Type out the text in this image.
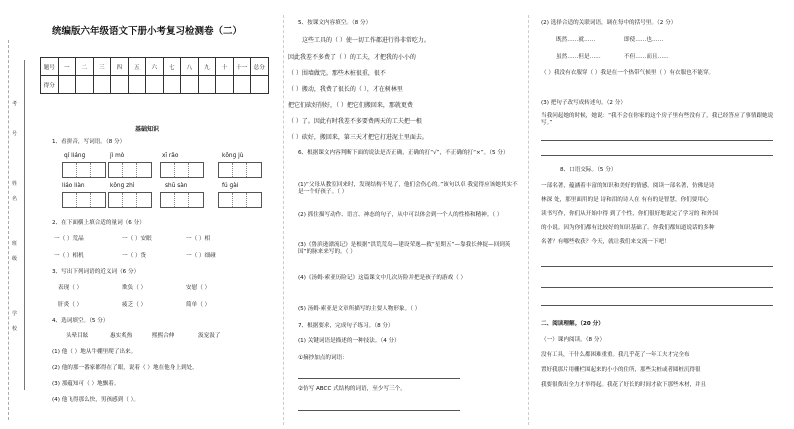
考
号
姓
名
班
级
学
校
统编版六年级语文下册小考复习检测卷（二）
题号	一	二	三	四	五	六	七	八	九	十	十一	总分
得分												
基础知识
1、看拼音，写词语。（8 分）
qí liánɡ	jì mò	xī rǎo	kōnɡ jù
liáo liàn	kōnɡ zhì	shū sàn	fú ɡài
2、在下面横上填合适的量词（6 分）
一（ ）荒晶	一（ ）安眠	一（ ）相
一（ ）相机	一（ ）货	一（ ）细碰
3、写出下列词语的近义词（6 分）
表现（ ）	欺负（ ）	安慰（ ）
肝炎（ ）	疲乏（ ）	简单（ ）
4、选词填空。（5 分）
头晕目眩	惠实炙热	熙熙合伸	汲宠汲了
(1) 他（ ）地从牛棚里爬了出来。
(2) 他的那一番家都得在了眼，说着（ ）地在他身上到处。
(3) 那蕴知可（ ）地飘着。
(4) 他飞得那么快，男孩感到（ ）。
5、按课文内容填空。（8 分）
这些工具的（ ）使一切工作都进行得非常吃力。
因此我差不多费了（ ）的工夫，才把我的小小的
（ ）围墙做完。那些木桩很重，很不
（ ）搬动，我费了很长的（ ），才在树林里
把它们砍好削好，（ ）把它们搬回来，那就更费
（ ）了。因此有时我差不多要费两天的工夫把一根
（ ）砍好，搬回来，第三天才把它打进泥土里面去。
6、根据课文内容判断下面的说法是否正确，正确的打“√”，不正确的打“×”。（5 分）
(1)“父母从教室回来时，发现结构不见了，他们会伤心的。”该句以卓 我觉得应该她其实不是一个好孩子。（ ）
(2) 抓住描写动作、语言、神态的句子，从中可以体会到一个人的性格和精神。（ ）
(3)《鲁滨逊漂流记》是根据“洪荒荒岛—建设荣逸—救“星期五”—靠我长伸捉—回到英国”的脉来来写的。（ ）
(4)《汤姆·索亚历险记》这篇课文中几次历险并把是孩子的游戏（ ）
(5) 汤姆·索亚是文章所描写的主要人物形象。（ ）
7、根据要求，完成句子练习。（8 分）
(1) 关键词语是描述的一种技法。（4 分）
①摘抄加点的词语：
②仿写 ABCC 式结构的词语，至少写三个。
(2) 选择合适的关联词语，调在每中的括号里。（2 分）
既然……就……	即使……也……
虽然……但是……	不但……而且……
（ ）我没有衣服穿（ ）我是在一个热带气候里（ ）有衣服也不能穿。
(3) 把句子改写成转述句。（2 分）
当我问起她的时候，她说：“我不会在你家的这个房子里有些没有了，我已经答应了事情跟她说写。”
8、口语交际。（5 分）
一部名著，蕴涵着丰富的知识和美好的情感。阅读一部名著，仿佛是诗
林深 处，那里面用的是 诗和泪的诗人在 有有的是智慧，你们要用心
读书写作，你们从开始中得 到了个性，你们很好地说完了学习的 和外国
的小说。因为你们都有比较好的知识基础了。你我们都知道说话的多种
名著？有哪些收获？今天，就让我们来交流一下吧！
二、阅读理解。（20 分）
（一）课内阅读。（8 分）
没有工具，干什么都困难重重。我几乎花了一年工夫才完全布
置好我那片用栅栏围起来的小小的住所，那些尖桩或者圆桩沉得很
我要很费出全力才举得起。我花了好长的时间才砍下那些木材，并且
